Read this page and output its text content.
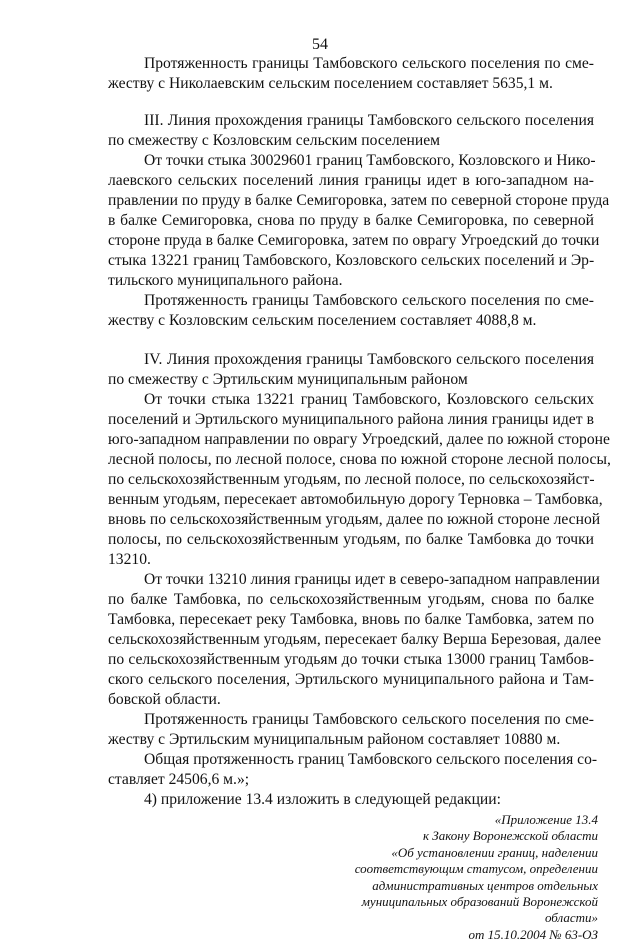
54
Протяженность границы Тамбовского сельского поселения по сме-
жеству с Николаевским сельским поселением составляет 5635,1 м.
III. Линия прохождения границы Тамбовского сельского поселения
по смежеству с Козловским сельским поселением
От точки стыка 30029601 границ Тамбовского, Козловского и Нико-
лаевского сельских поселений линия границы идет в юго-западном на-
правлении по пруду в балке Семигоровка, затем по северной стороне пруда
в балке Семигоровка, снова по пруду в балке Семигоровка, по северной
стороне пруда в балке Семигоровка, затем по оврагу Угроедский до точки
стыка 13221 границ Тамбовского, Козловского сельских поселений и Эр-
тильского муниципального района.
Протяженность границы Тамбовского сельского поселения по сме-
жеству с Козловским сельским поселением составляет 4088,8 м.
IV. Линия прохождения границы Тамбовского сельского поселения
по смежеству с Эртильским муниципальным районом
От точки стыка 13221 границ Тамбовского, Козловского сельских
поселений и Эртильского муниципального района линия границы идет в
юго-западном направлении по оврагу Угроедский, далее по южной стороне
лесной полосы, по лесной полосе, снова по южной стороне лесной полосы,
по сельскохозяйственным угодьям, по лесной полосе, по сельскохозяйст-
венным угодьям, пересекает автомобильную дорогу Терновка – Тамбовка,
вновь по сельскохозяйственным угодьям, далее по южной стороне лесной
полосы, по сельскохозяйственным угодьям, по балке Тамбовка до точки
13210.
От точки 13210 линия границы идет в северо-западном направлении
по балке Тамбовка, по сельскохозяйственным угодьям, снова по балке
Тамбовка, пересекает реку Тамбовка, вновь по балке Тамбовка, затем по
сельскохозяйственным угодьям, пересекает балку Верша Березовая, далее
по сельскохозяйственным угодьям до точки стыка 13000 границ Тамбов-
ского сельского поселения, Эртильского муниципального района и Там-
бовской области.
Протяженность границы Тамбовского сельского поселения по сме-
жеству с Эртильским муниципальным районом составляет 10880 м.
Общая протяженность границ Тамбовского сельского поселения со-
ставляет 24506,6 м.»;
4) приложение 13.4 изложить в следующей редакции:
«Приложение 13.4
к Закону Воронежской области
«Об установлении границ, наделении
соответствующим статусом, определении
административных центров отдельных
муниципальных образований Воронежской
области»
от 15.10.2004 № 63-ОЗ
